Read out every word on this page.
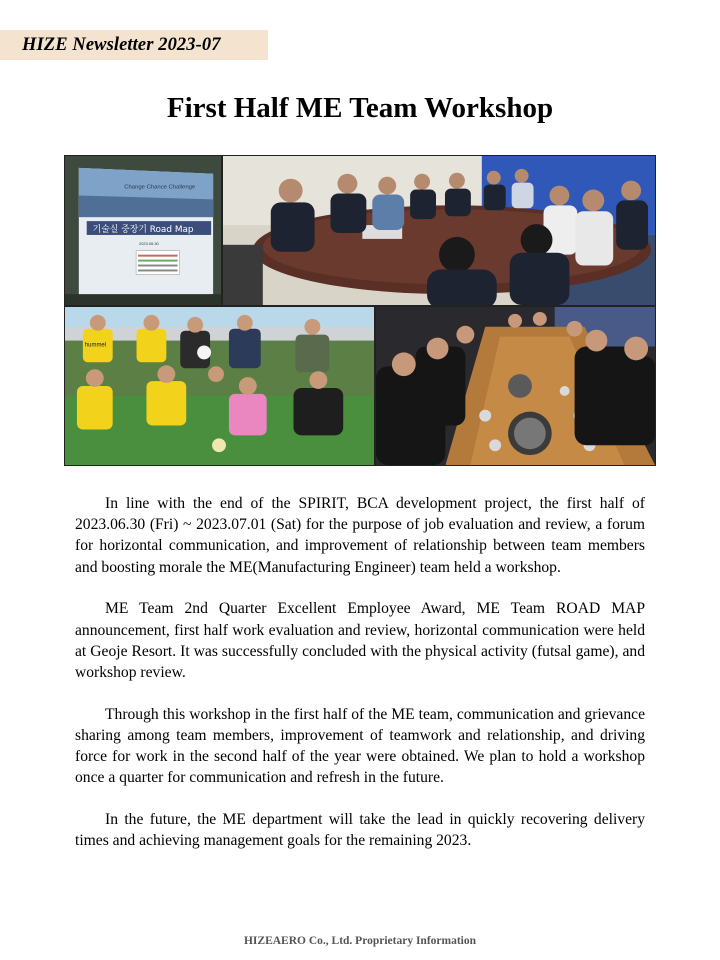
HIZE Newsletter 2023-07
First Half ME Team Workshop
Change Chance Challenge
기술실 중장기 Road Map
2023.06.30
hummel

In line with the end of the SPIRIT, BCA development project, the first half of 2023.06.30 (Fri) ~ 2023.07.01 (Sat) for the purpose of job evaluation and review, a forum for horizontal communication, and improvement of relationship between team members and boosting morale the ME(Manufacturing Engineer) team held a workshop.

ME Team 2nd Quarter Excellent Employee Award, ME Team ROAD MAP announcement, first half work evaluation and review, horizontal communication were held at Geoje Resort. It was successfully concluded with the physical activity (futsal game), and workshop review.

Through this workshop in the first half of the ME team, communication and grievance sharing among team members, improvement of teamwork and relationship, and driving force for work in the second half of the year were obtained. We plan to hold a workshop once a quarter for communication and refresh in the future.

In the future, the ME department will take the lead in quickly recovering delivery times and achieving management goals for the remaining 2023.

HIZEAERO Co., Ltd. Proprietary Information
